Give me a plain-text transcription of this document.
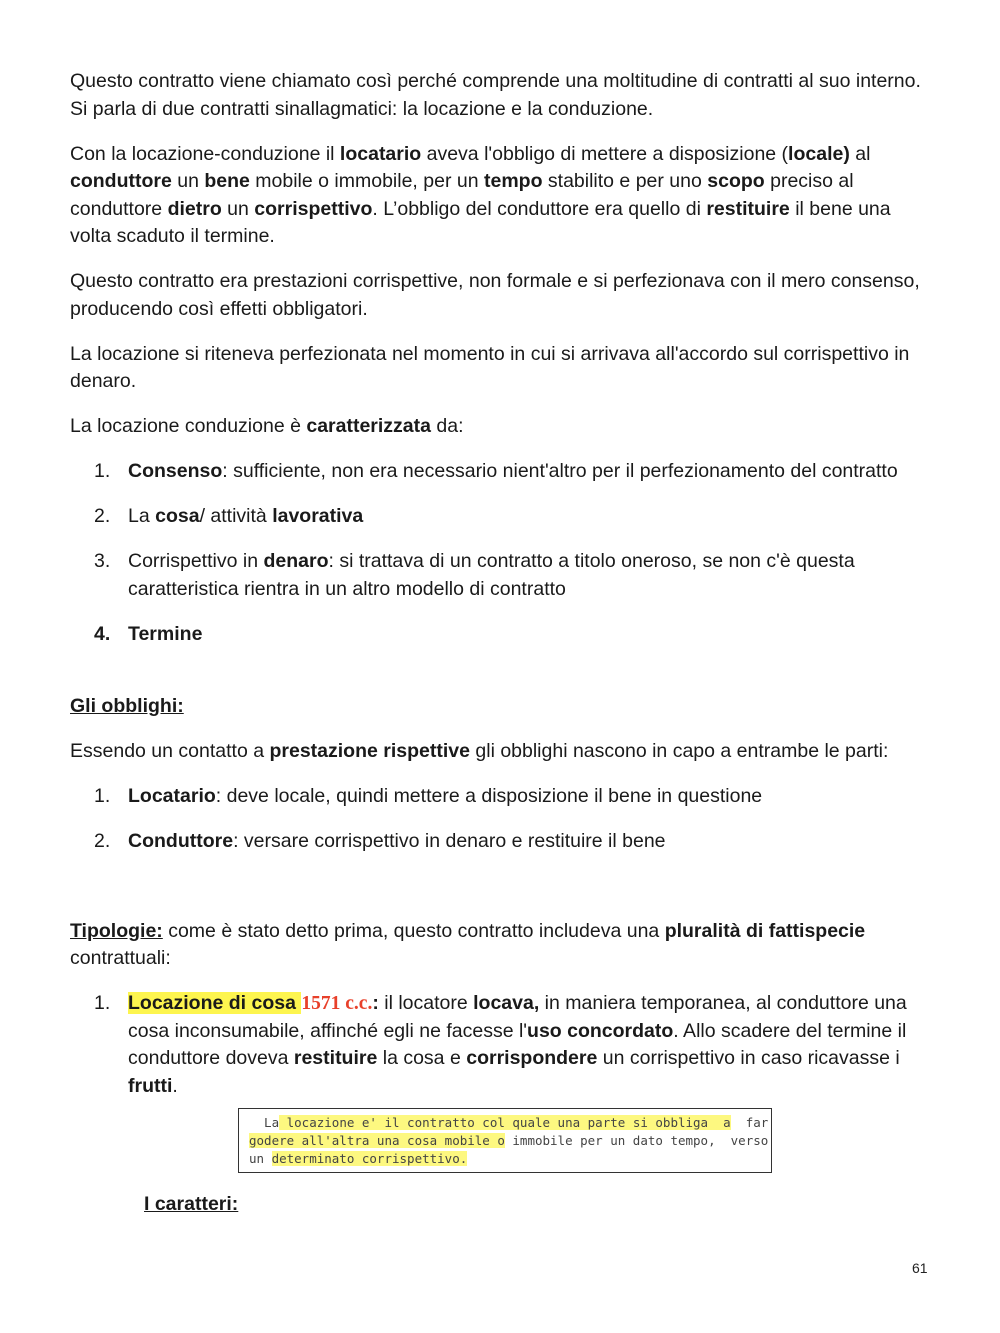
Questo contratto viene chiamato così perché comprende una moltitudine di contratti al suo interno. Si parla di due contratti sinallagmatici: la locazione e la conduzione.

Con la locazione-conduzione il locatario aveva l'obbligo di mettere a disposizione (locale) al conduttore un bene mobile o immobile, per un tempo stabilito e per uno scopo preciso al conduttore dietro un corrispettivo. L’obbligo del conduttore era quello di restituire il bene una volta scaduto il termine.

Questo contratto era prestazioni corrispettive, non formale e si perfezionava con il mero consenso, producendo così effetti obbligatori.

La locazione si riteneva perfezionata nel momento in cui si arrivava all'accordo sul corrispettivo in denaro.

La locazione conduzione è caratterizzata da:

1. Consenso: sufficiente, non era necessario nient'altro per il perfezionamento del contratto
2. La cosa/ attività lavorativa
3. Corrispettivo in denaro: si trattava di un contratto a titolo oneroso, se non c'è questa caratteristica rientra in un altro modello di contratto
4. Termine

Gli obblighi:

Essendo un contatto a prestazione rispettive gli obblighi nascono in capo a entrambe le parti:

1. Locatario: deve locale, quindi mettere a disposizione il bene in questione
2. Conduttore: versare corrispettivo in denaro e restituire il bene

Tipologie: come è stato detto prima, questo contratto includeva una pluralità di fattispecie contrattuali:

1. Locazione di cosa 1571 c.c.: il locatore locava, in maniera temporanea, al conduttore una cosa inconsumabile, affinché egli ne facesse l'uso concordato. Allo scadere del termine il conduttore doveva restituire la cosa e corrispondere un corrispettivo in caso ricavasse i frutti.
La locazione e' il contratto col quale una parte si obbliga  a  far
godere all'altra una cosa mobile o immobile per un dato tempo,  verso
un determinato corrispettivo.
I caratteri:
61
